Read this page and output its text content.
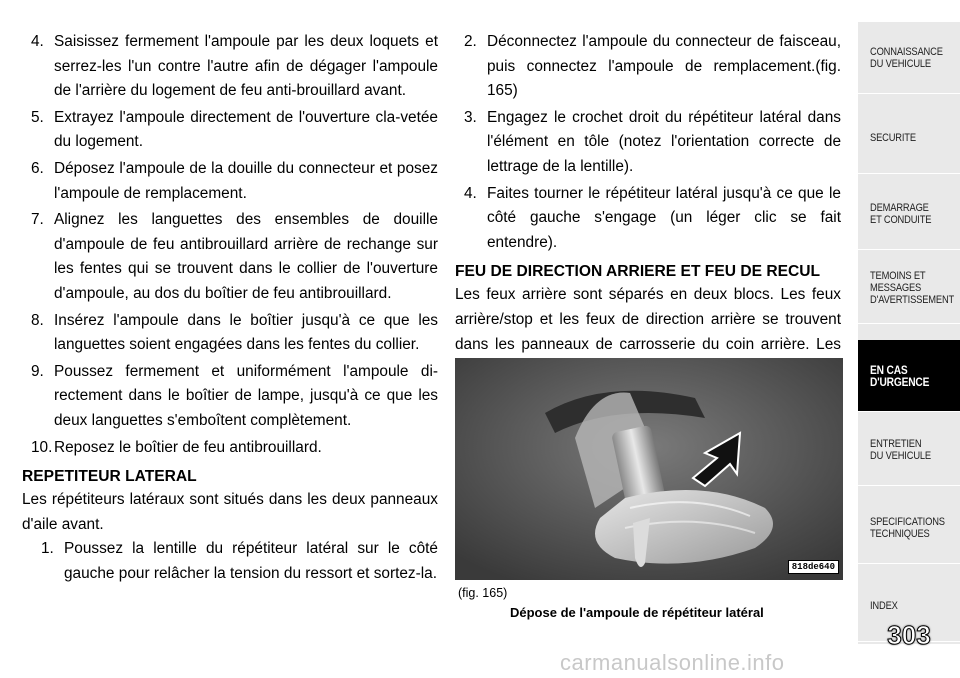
4. Saisissez fermement l'ampoule par les deux loquets et serrez-les l'un contre l'autre afin de dégager l'ampoule de l'arrière du logement de feu anti-brouillard avant.

5. Extrayez l'ampoule directement de l'ouverture cla-vetée du logement.

6. Déposez l'ampoule de la douille du connecteur et posez l'ampoule de remplacement.

7. Alignez les languettes des ensembles de douille d'ampoule de feu antibrouillard arrière de rechange sur les fentes qui se trouvent dans le collier de l'ouverture d'ampoule, au dos du boîtier de feu antibrouillard.

8. Insérez l'ampoule dans le boîtier jusqu'à ce que les languettes soient engagées dans les fentes du collier.

9. Poussez fermement et uniformément l'ampoule di-rectement dans le boîtier de lampe, jusqu'à ce que les deux languettes s'emboîtent complètement.

10. Reposez le boîtier de feu antibrouillard.

REPETITEUR LATERAL

Les répétiteurs latéraux sont situés dans les deux panneaux d'aile avant.

1. Poussez la lentille du répétiteur latéral sur le côté gauche pour relâcher la tension du ressort et sortez-la.

2. Déconnectez l'ampoule du connecteur de faisceau, puis connectez l'ampoule de remplacement.(fig. 165)

3. Engagez le crochet droit du répétiteur latéral dans l'élément en tôle (notez l'orientation correcte de lettrage de la lentille).

4. Faites tourner le répétiteur latéral jusqu'à ce que le côté gauche s'engage (un léger clic se fait entendre).

FEU DE DIRECTION ARRIERE ET FEU DE RECUL

Les feux arrière sont séparés en deux blocs. Les feux arrière/stop et les feux de direction arrière se trouvent dans les panneaux de carrosserie du coin arrière. Les

818de640
(fig. 165)
Dépose de l'ampoule de répétiteur latéral
CONNAISSANCE
DU VEHICULE
SECURITE
DEMARRAGE
ET CONDUITE
TEMOINS ET
MESSAGES
D'AVERTISSEMENT
EN CAS
D'URGENCE
ENTRETIEN
DU VEHICULE
SPECIFICATIONS
TECHNIQUES
INDEX
303
carmanualsonline.info
